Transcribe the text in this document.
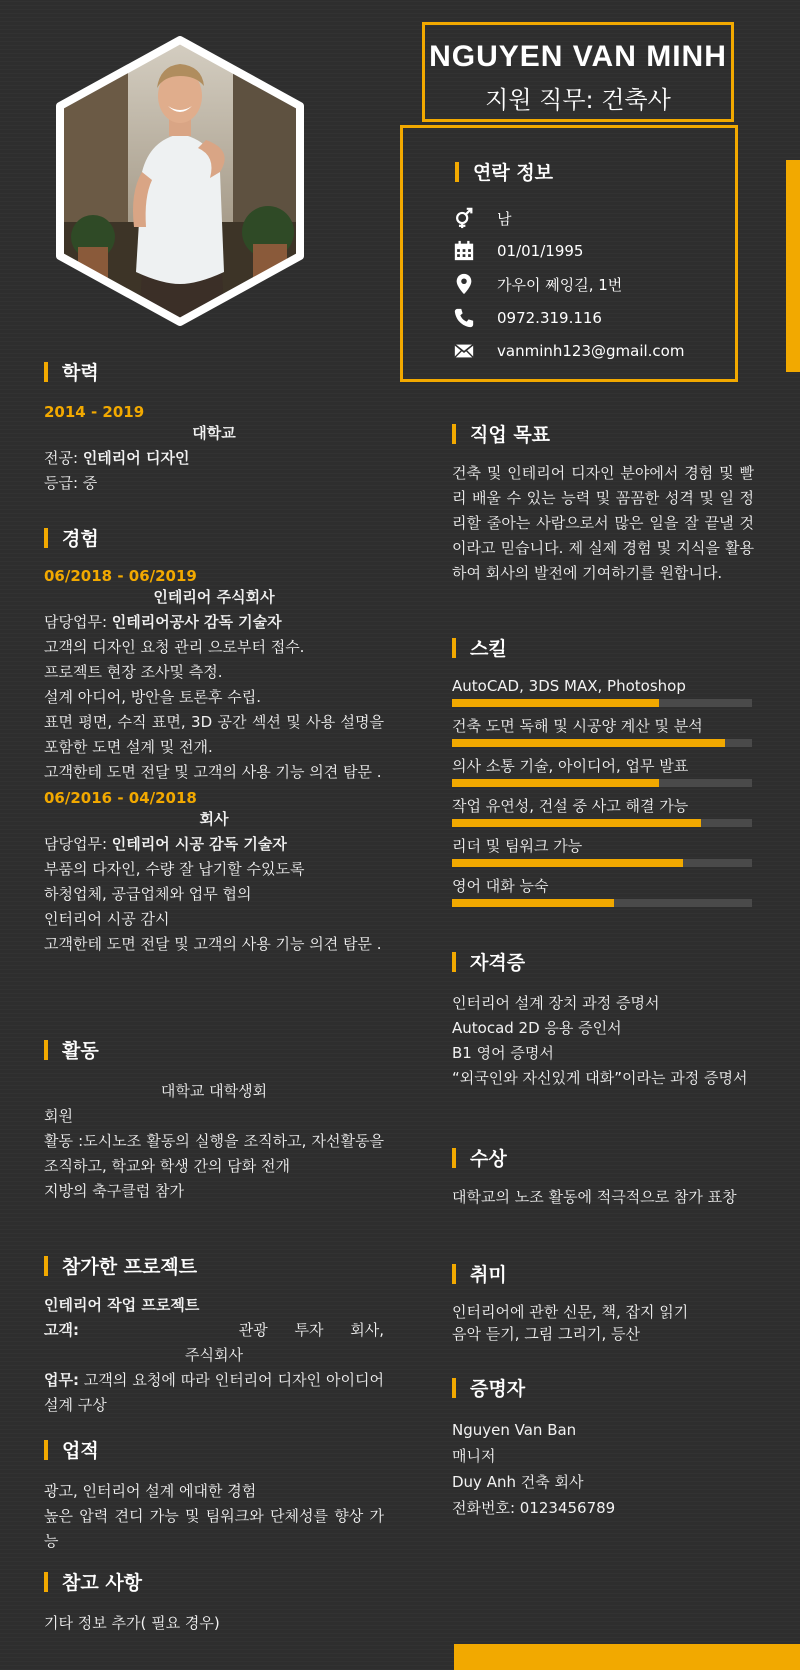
NGUYEN VAN MINH
지원 직무: 건축사
연락 정보
남
01/01/1995
가우이 쩨잉길, 1번
0972.319.116
vanminh123@gmail.com
학력
2014 - 2019
대학교
전공: 인테리어 디자인
등급: 중
경험
06/2018 - 06/2019
인테리어 주식회사
담당업무: 인테리어공사 감독 기술자
고객의 디자인 요청 관리 으로부터 접수.
프로젝트 현장 조사및 측정.
설계 아디어, 방안을 토론후 수립.
표면 평면, 수직 표면, 3D 공간 섹션 및 사용 설명을 포함한 도면 설계 및 전개.
고객한테 도면 전달 및 고객의 사용 기능 의견 탐문 .
06/2016 - 04/2018
회사
담당업무: 인테리어 시공 감독 기술자
부품의 다자인, 수량 잘 납기할 수있도록
하청업체, 공급업체와 업무 협의
인터리어 시공 감시
고객한테 도면 전달 및 고객의 사용 기능 의견 탐문 .
활동
대학교 대학생회
회원
활동 :도시노조 활동의 실행을 조직하고, 자선활동을 조직하고, 학교와 학생 간의 담화 전개
지방의 축구클럽 참가
참가한 프로젝트
인테리어 작업 프로젝트
고객:	관광 투자 회사,
주식회사
업무: 고객의 요청에 따라 인터리어 디자인 아이디어 설계 구상
업적
광고, 인터리어 설계 에대한 경험
높은 압력 견디 가능 및 팀워크와 단체성를 향상 가능
참고 사항
기타 정보 추가( 필요 경우)
직업 목표
건축 및 인테리어 디자인 분야에서 경험 및 빨리 배울 수 있는 능력 및 꼼꼼한 성격 및 일 정리할 줄아는 사람으로서 많은 일을 잘 끝낼 것이라고 믿습니다. 제 실제 경험 및 지식을 활용하여 회사의 발전에 기여하기를 원합니다.
스킬
AutoCAD, 3DS MAX, Photoshop
건축 도면 독해 및 시공양 계산 및 분석
의사 소통 기술, 아이디어, 업무 발표
작업 유연성, 건설 중 사고 해결 가능
리더 및 팀워크 가능
영어 대화 능숙
자격증
인터리어 설계 장치 과정 증명서
Autocad 2D 응용 증인서
B1 영어 증명서
“외국인와 자신있게 대화”이라는 과정 증명서
수상
대학교의 노조 활동에 적극적으로 참가 표창
취미
인터리어에 관한 신문, 책, 잡지 읽기
음악 듣기, 그림 그리기, 등산
증명자
Nguyen Van Ban
매니저
Duy Anh 건축 회사
전화번호: 0123456789
